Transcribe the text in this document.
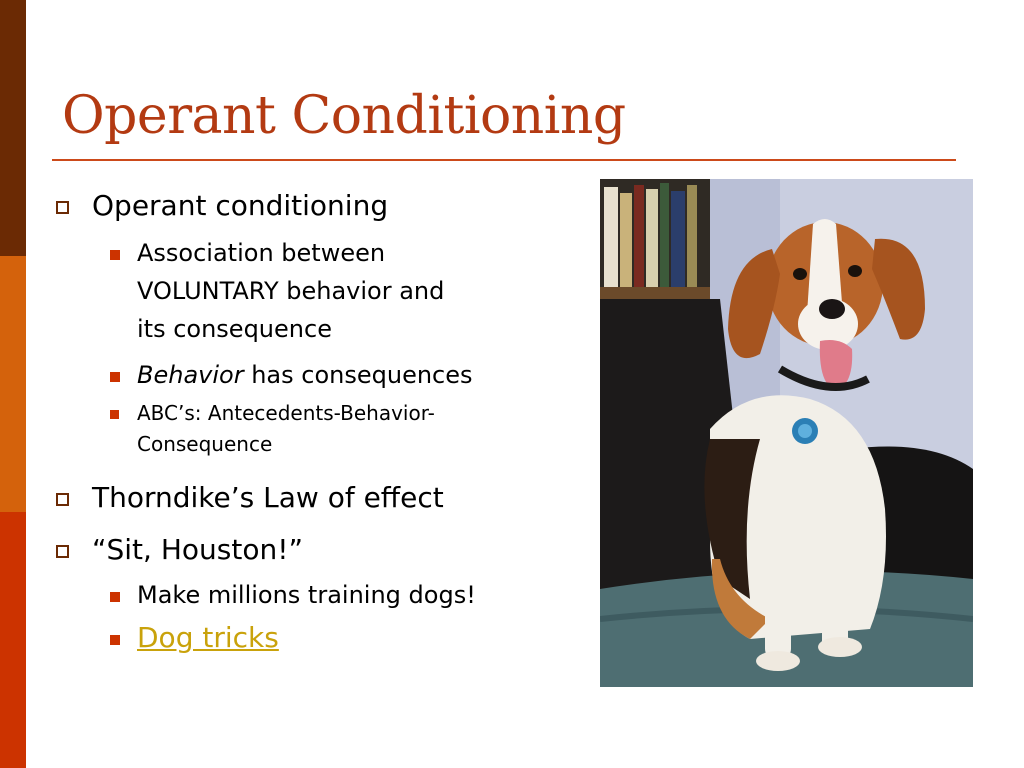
Operant Conditioning
Operant conditioning
Association between
VOLUNTARY behavior and
its consequence
Behavior has consequences
ABC’s: Antecedents-Behavior-
Consequence
Thorndike’s Law of effect
“Sit, Houston!”
Make millions training dogs!
Dog tricks
